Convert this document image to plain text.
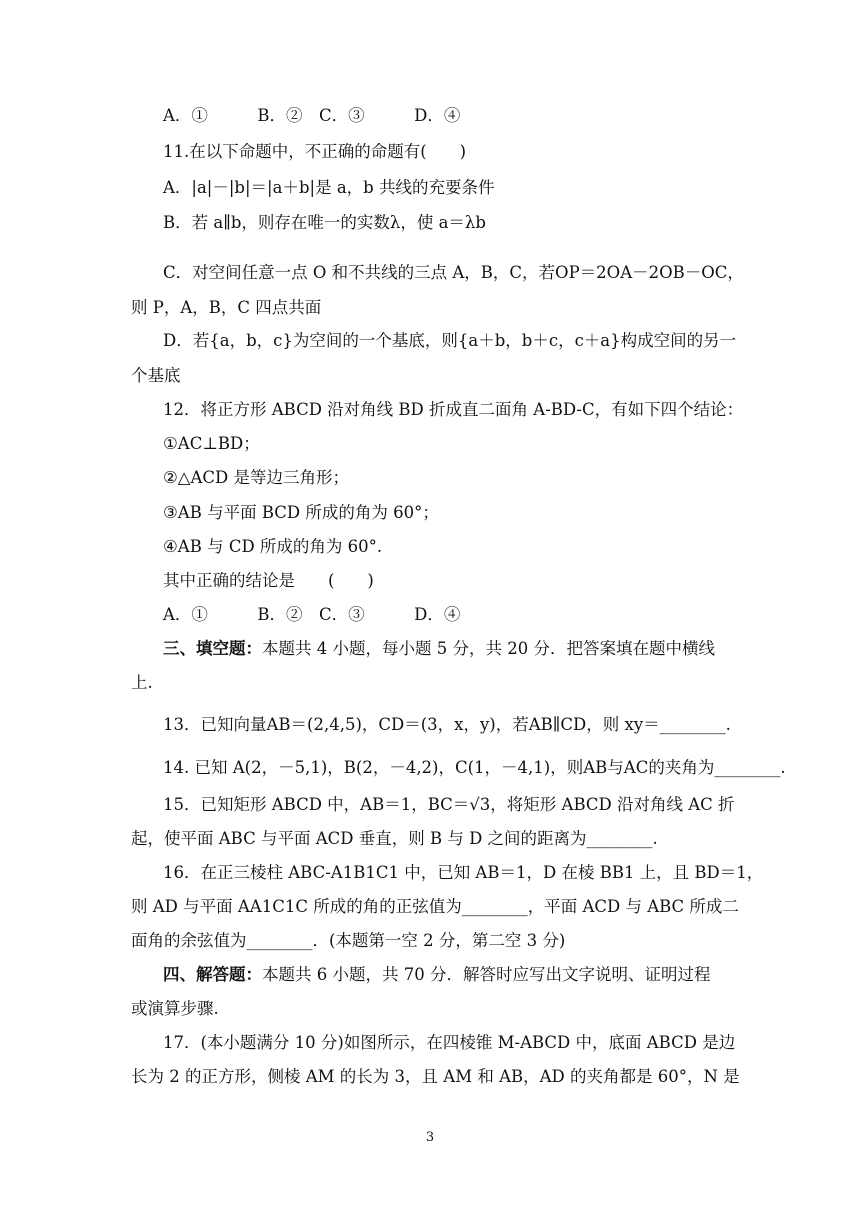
A．①　　　B．②　C．③　　　D．④
11.在以下命题中，不正确的命题有(　　)
A．|a|－|b|＝|a＋b|是 a，b 共线的充要条件
B．若 a∥b，则存在唯一的实数λ，使 a＝λb
C．对空间任意一点 O 和不共线的三点 A，B，C，若OP＝2OA－2OB－OC，
则 P，A，B，C 四点共面
D．若{a，b，c}为空间的一个基底，则{a＋b，b＋c，c＋a}构成空间的另一
个基底
12．将正方形 ABCD 沿对角线 BD 折成直二面角 A-BD-C，有如下四个结论：
①AC⊥BD；
②△ACD 是等边三角形；
③AB 与平面 BCD 所成的角为 60°；
④AB 与 CD 所成的角为 60°.
其中正确的结论是　　(　　)
A．①　　　B．②　C．③　　　D．④
三、填空题：本题共 4 小题，每小题 5 分，共 20 分．把答案填在题中横线
上.
13．已知向量AB＝(2,4,5)，CD＝(3，x，y)，若AB∥CD，则 xy＝________.
14. 已知 A(2，－5,1)，B(2，－4,2)，C(1，－4,1)，则AB与AC的夹角为________.
15．已知矩形 ABCD 中，AB＝1，BC＝√3，将矩形 ABCD 沿对角线 AC 折
起，使平面 ABC 与平面 ACD 垂直，则 B 与 D 之间的距离为________.
16．在正三棱柱 ABC-A1B1C1 中，已知 AB＝1，D 在棱 BB1 上，且 BD＝1，
则 AD 与平面 AA1C1C 所成的角的正弦值为________，平面 ACD 与 ABC 所成二
面角的余弦值为________．(本题第一空 2 分，第二空 3 分)
四、解答题：本题共 6 小题，共 70 分．解答时应写出文字说明、证明过程
或演算步骤.
17．(本小题满分 10 分)如图所示，在四棱锥 M-ABCD 中，底面 ABCD 是边
长为 2 的正方形，侧棱 AM 的长为 3，且 AM 和 AB，AD 的夹角都是 60°，N 是
3
